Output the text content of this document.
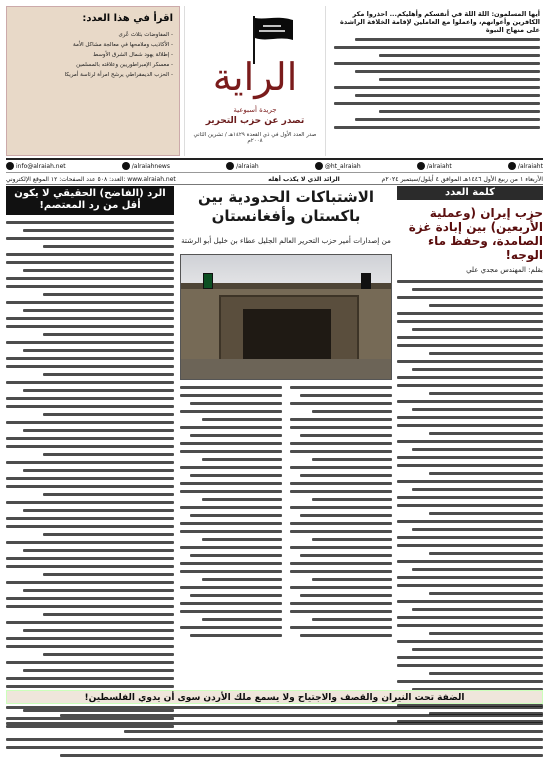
أيها المسلمون: اللهَ اللهَ في أنفسكم وأهليكم... احذروا مكر الكافرين وأعوانهم، واعملوا مع العاملين لإقامة الخلافة الراشدة على منهاج النبوة
الراية
جريدة أسبوعية
تصدر عن حزب التحرير
صدر العدد الأول في ذي القعدة ١٤٢٩هـ / تشرين الثاني ٢٠٠٨م
اقرأ في هذا العدد:
- المفاوضات بثلاث عُرى
- الأكاذيب وملامحها في معالجة مشاكل الأمة
- إطلالة يهود شمال الشرق الأوسط
- معسكر الإمبراطوريين وعلاقته بالمسلمين
- الحزب الديمقراطي يرشح امرأة لرئاسة أمريكا
info@alraiah.net	/alraiahnews	/alraiah	@ht_alraiah	/alraiaht	/alraiaht
الأربعاء ١ من ربيع الأول ١٤٤٦هـ الموافق ٤ أيلول/سبتمبر ٢٠٢٤م
الرائد الذي لا يكذب أهله
العدد: ٥٠٨ عدد الصفحات: ١٢ الموقع الإلكتروني: www.alraiah.net
كلمة العدد
حزب إيران (وعملية الأربعين) بين إبادة غزة الصامدة، وحفظ ماء الوجه!
بقلم: المهندس مجدي علي
الاشتباكات الحدودية بين باكستان وأفغانستان
من إصدارات أمير حزب التحرير العالم الجليل عطاء بن خليل أبو الرشتة
الرد (الفاضح) الحقيقي لا يكون أقل من رد المعتصم!
الضفة تحت النيران والقصف والاجتياح ولا يسمع ملك الأردن سوى أن يدوي الفلسطين!
